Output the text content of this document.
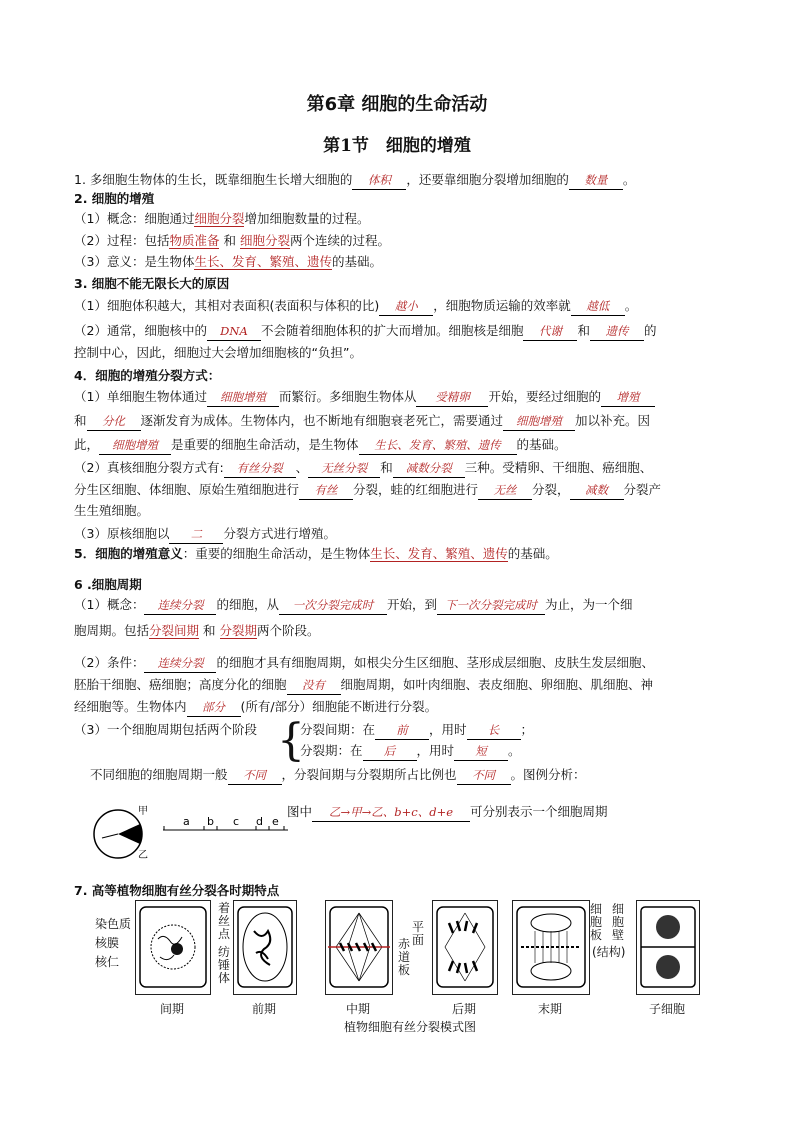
第6章 细胞的生命活动
第1节　细胞的增殖
1. 多细胞生物体的生长，既靠细胞生长增大细胞的 体积 ，还要靠细胞分裂增加细胞的 数量 。
2. 细胞的增殖
（1）概念：细胞通过细胞分裂增加细胞数量的过程。
（2）过程：包括物质准备 和 细胞分裂两个连续的过程。
（3）意义：是生物体生长、发育、繁殖、遗传的基础。
3. 细胞不能无限长大的原因
（1）细胞体积越大，其相对表面积(表面积与体积的比) 越小 ，细胞物质运输的效率就 越低 。
（2）通常，细胞核中的 DNA 不会随着细胞体积的扩大而增加。细胞核是细胞 代谢 和 遗传 的
控制中心，因此，细胞过大会增加细胞核的“负担”。
4．细胞的增殖分裂方式：
（1）单细胞生物体通过 细胞增殖 而繁衍。多细胞生物体从 受精卵 开始，要经过细胞的 增殖
和 分化 逐渐发育为成体。生物体内，也不断地有细胞衰老死亡，需要通过 细胞增殖 加以补充。因
此， 细胞增殖 是重要的细胞生命活动，是生物体 生长、发育、繁殖、遗传 的基础。
（2）真核细胞分裂方式有: 有丝分裂 、 无丝分裂 和 减数分裂 三种。受精卵、干细胞、癌细胞、
分生区细胞、体细胞、原始生殖细胞进行 有丝 分裂，蛙的红细胞进行 无丝 分裂， 减数 分裂产
生生殖细胞。
（3）原核细胞以 二 分裂方式进行增殖。
5．细胞的增殖意义：重要的细胞生命活动，是生物体生长、发育、繁殖、遗传的基础。
6 .细胞周期
（1）概念： 连续分裂 的细胞，从 一次分裂完成时 开始，到 下一次分裂完成时 为止，为一个细
胞周期。包括分裂间期 和 分裂期两个阶段。
（2）条件： 连续分裂 的细胞才具有细胞周期，如根尖分生区细胞、茎形成层细胞、皮肤生发层细胞、
胚胎干细胞、癌细胞；高度分化的细胞 没有 细胞周期，如叶肉细胞、表皮细胞、卵细胞、肌细胞、神
经细胞等。生物体内 部分 (所有/部分）细胞能不断进行分裂。
（3）一个细胞周期包括两个阶段 {
分裂间期：在 前 ，用时 长 ；
分裂期：在 后 ，用时 短 。
不同细胞的细胞周期一般 不同 ，分裂间期与分裂期所占比例也 不同 。图例分析：
甲
乙
a b c d e
图中 乙→甲→乙、b+c、d+e 可分别表示一个细胞周期
7. 高等植物细胞有丝分裂各时期特点
染色质
核膜
核仁
着
丝
点
纺
锤
体
赤
道
板
平
面
细
胞
板
细
胞
壁
(结构)
间期	前期	中期	后期	末期	子细胞
植物细胞有丝分裂模式图
